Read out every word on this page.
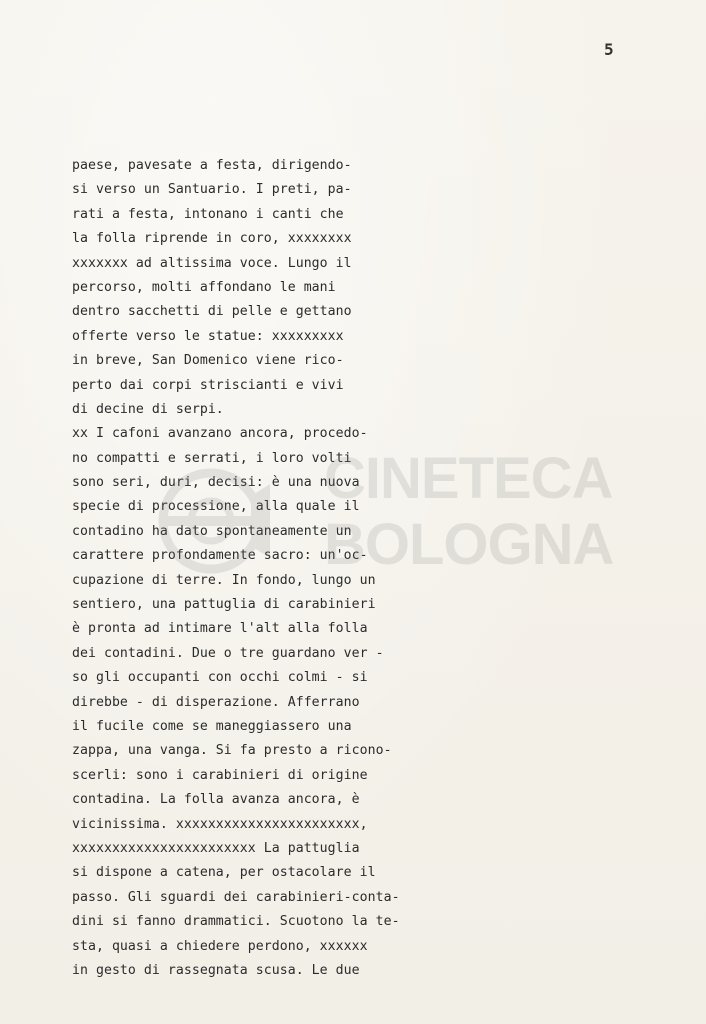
5
paese, pavesate a festa, dirigendo-
si verso un Santuario. I preti, pa-
rati a festa, intonano i canti che
la folla riprende in coro, xxxxxxxx
xxxxxxx ad altissima voce. Lungo il
percorso, molti affondano le mani
dentro sacchetti di pelle e gettano
offerte verso le statue: xxxxxxxxx
in breve, San Domenico viene rico-
perto dai corpi striscianti e vivi
di decine di serpi.
xx I cafoni avanzano ancora, procedo-
no compatti e serrati, i loro volti
sono seri, duri, decisi: è una nuova
specie di processione, alla quale il
contadino ha dato spontaneamente un
carattere profondamente sacro: un'oc-
cupazione di terre. In fondo, lungo un
sentiero, una pattuglia di carabinieri
è pronta ad intimare l'alt alla folla
dei contadini. Due o tre guardano ver -
so gli occupanti con occhi colmi - si
direbbe - di disperazione. Afferrano
il fucile come se maneggiassero una
zappa, una vanga. Si fa presto a ricono-
scerli: sono i carabinieri di origine
contadina. La folla avanza ancora, è
vicinissima. xxxxxxxxxxxxxxxxxxxxxxx,
xxxxxxxxxxxxxxxxxxxxxxx La pattuglia
si dispone a catena, per ostacolare il
passo. Gli sguardi dei carabinieri-conta-
dini si fanno drammatici. Scuotono la te-
sta, quasi a chiedere perdono, xxxxxx
in gesto di rassegnata scusa. Le due
CINETECA
BOLOGNA
